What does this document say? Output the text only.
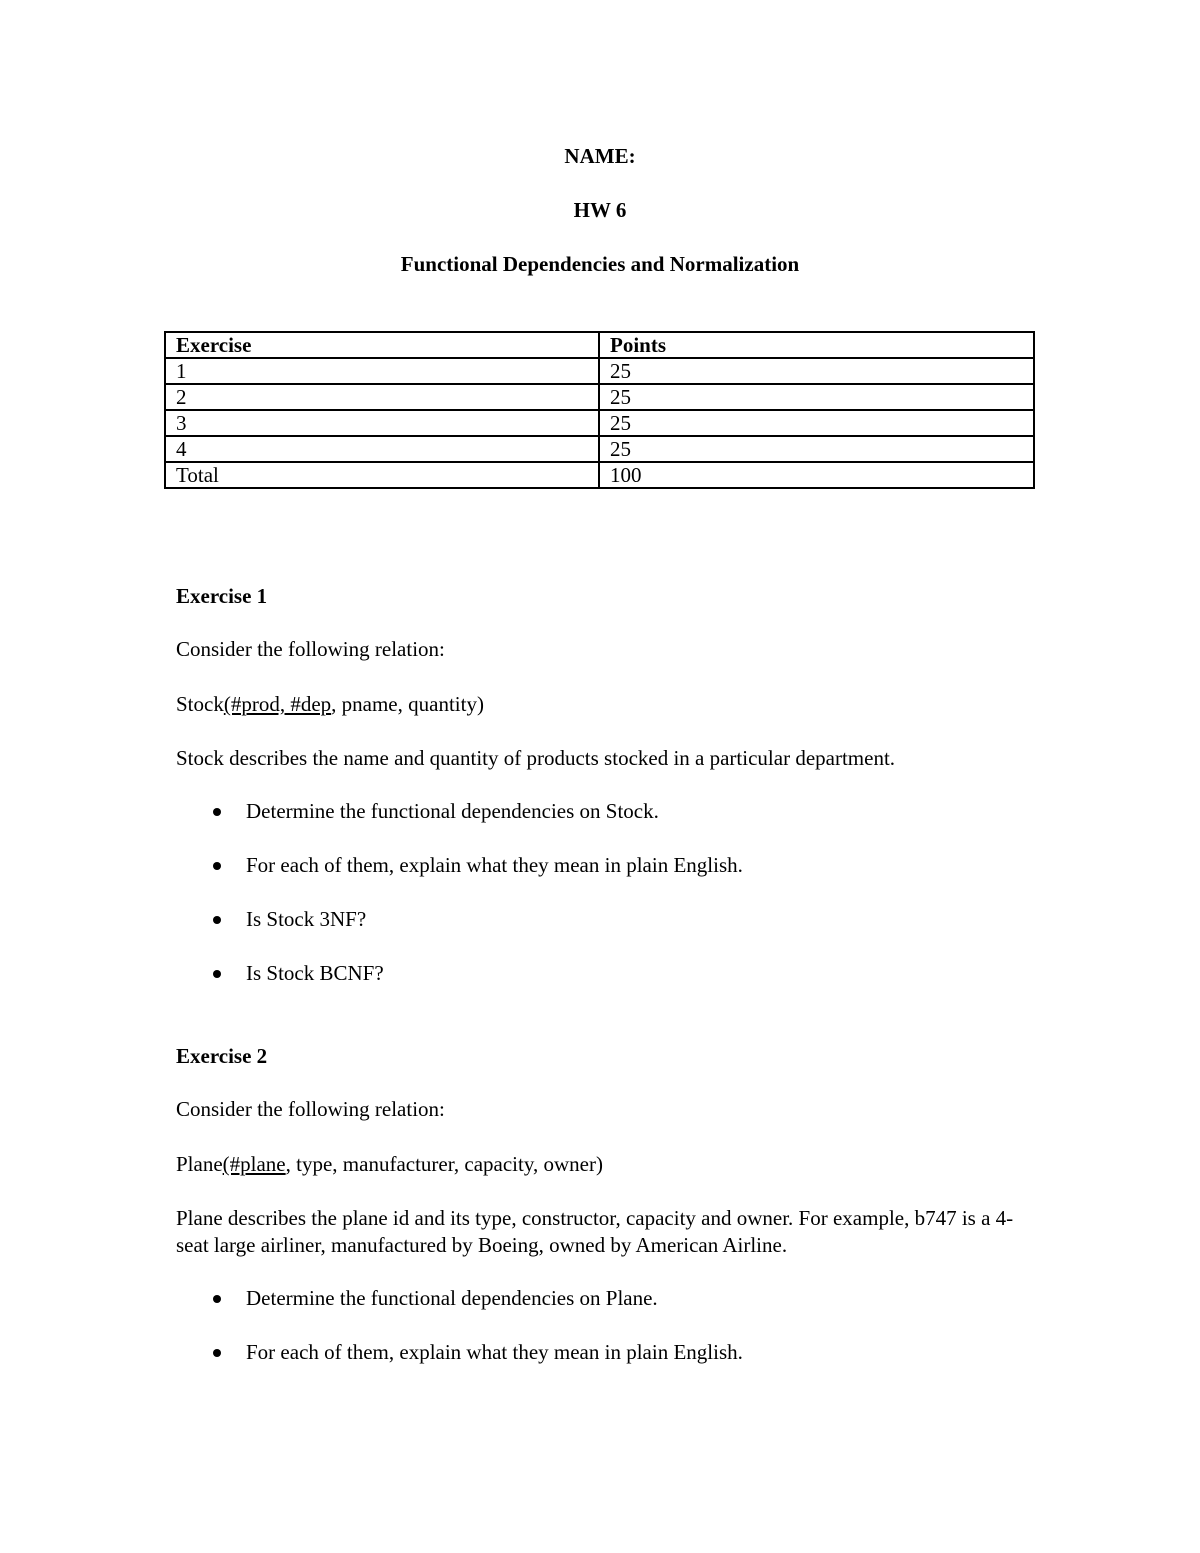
NAME:
HW 6
Functional Dependencies and Normalization
Exercise	Points
1	25
2	25
3	25
4	25
Total	100
Exercise 1
Consider the following relation:
Stock(#prod, #dep, pname, quantity)
Stock describes the name and quantity of products stocked in a particular department.
Determine the functional dependencies on Stock.
For each of them, explain what they mean in plain English.
Is Stock 3NF?
Is Stock BCNF?
Exercise 2
Consider the following relation:
Plane(#plane, type, manufacturer, capacity, owner)
Plane describes the plane id and its type, constructor, capacity and owner. For example, b747 is a 4-seat large airliner, manufactured by Boeing, owned by American Airline.
Determine the functional dependencies on Plane.
For each of them, explain what they mean in plain English.
